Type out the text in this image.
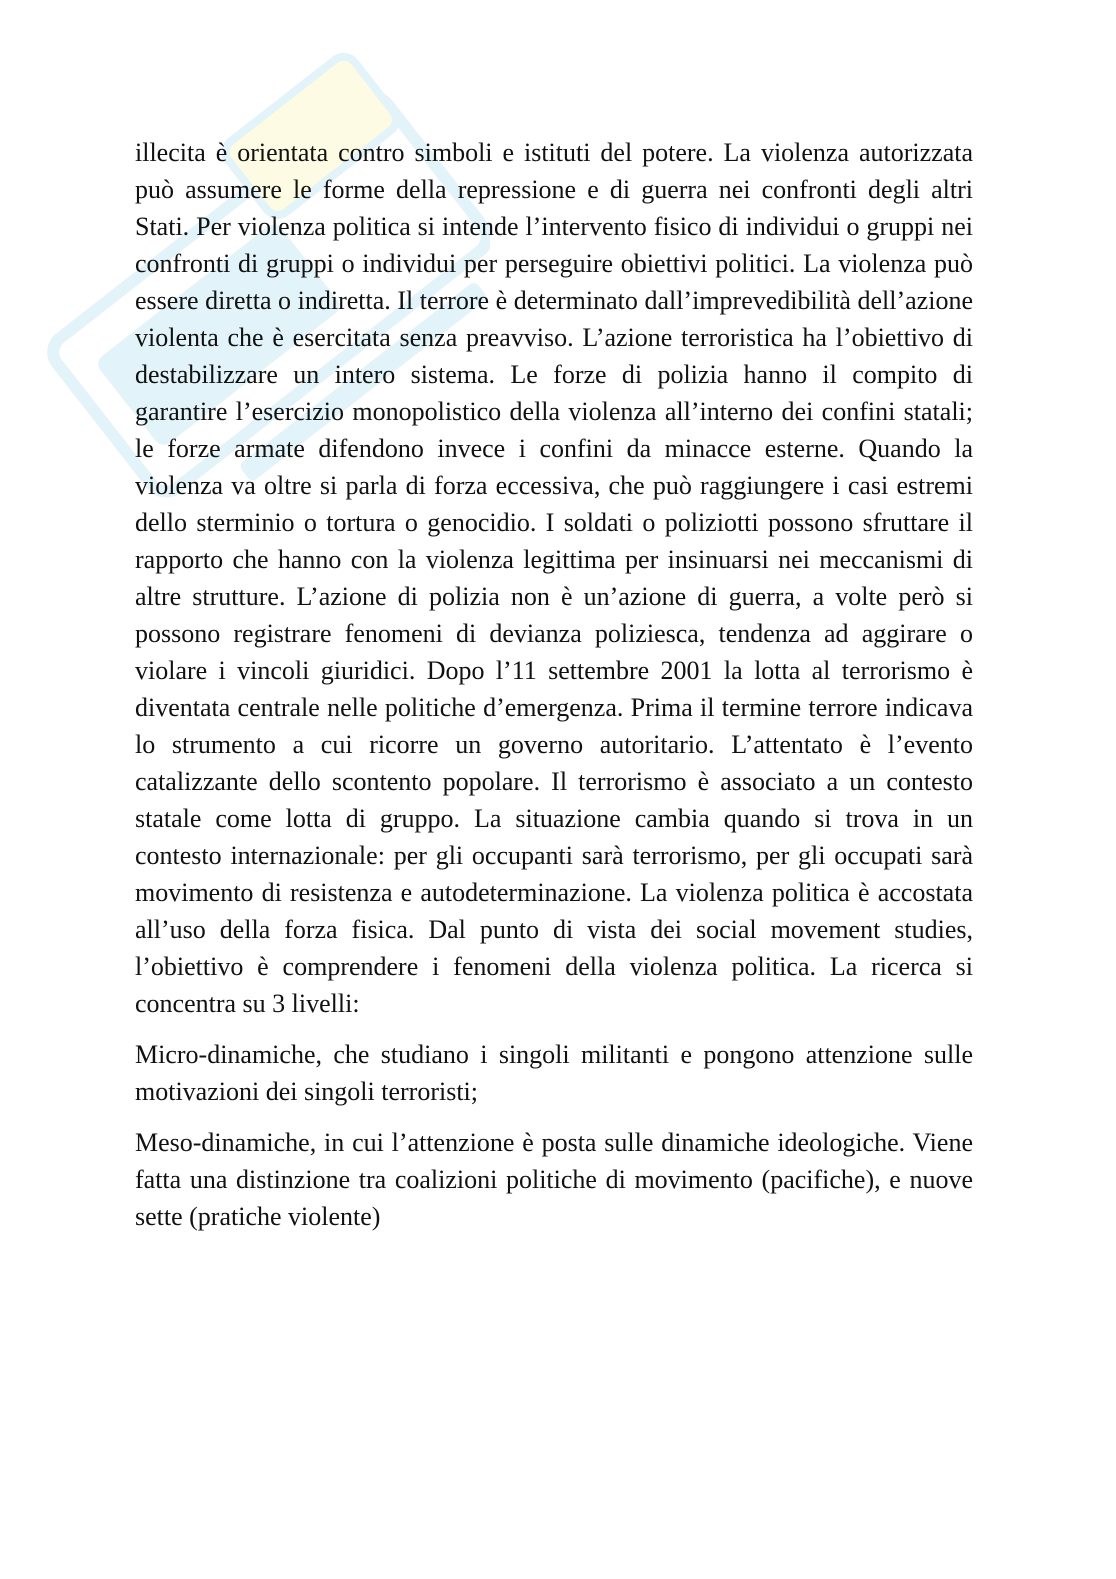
illecita è orientata contro simboli e istituti del potere. La violenza autorizzata può assumere le forme della repressione e di guerra nei confronti degli altri Stati. Per violenza politica si intende l’intervento fisico di individui o gruppi nei confronti di gruppi o individui per perseguire obiettivi politici. La violenza può essere diretta o indiretta. Il terrore è determinato dall’imprevedibilità dell’azione violenta che è esercitata senza preavviso. L’azione terroristica ha l’obiettivo di destabilizzare un intero sistema. Le forze di polizia hanno il compito di garantire l’esercizio monopolistico della violenza all’interno dei confini statali; le forze armate difendono invece i confini da minacce esterne. Quando la violenza va oltre si parla di forza eccessiva, che può raggiungere i casi estremi dello sterminio o tortura o genocidio. I soldati o poliziotti possono sfruttare il rapporto che hanno con la violenza legittima per insinuarsi nei meccanismi di altre strutture. L’azione di polizia non è un’azione di guerra, a volte però si possono registrare fenomeni di devianza poliziesca, tendenza ad aggirare o violare i vincoli giuridici. Dopo l’11 settembre 2001 la lotta al terrorismo è diventata centrale nelle politiche d’emergenza. Prima il termine terrore indicava lo strumento a cui ricorre un governo autoritario. L’attentato è l’evento catalizzante dello scontento popolare. Il terrorismo è associato a un contesto statale come lotta di gruppo. La situazione cambia quando si trova in un contesto internazionale: per gli occupanti sarà terrorismo, per gli occupati sarà movimento di resistenza e autodeterminazione. La violenza politica è accostata all’uso della forza fisica. Dal punto di vista dei social movement studies, l’obiettivo è comprendere i fenomeni della violenza politica. La ricerca si concentra su 3 livelli:

Micro-dinamiche, che studiano i singoli militanti e pongono attenzione sulle motivazioni dei singoli terroristi;

Meso-dinamiche, in cui l’attenzione è posta sulle dinamiche ideologiche. Viene fatta una distinzione tra coalizioni politiche di movimento (pacifiche), e nuove sette (pratiche violente)
